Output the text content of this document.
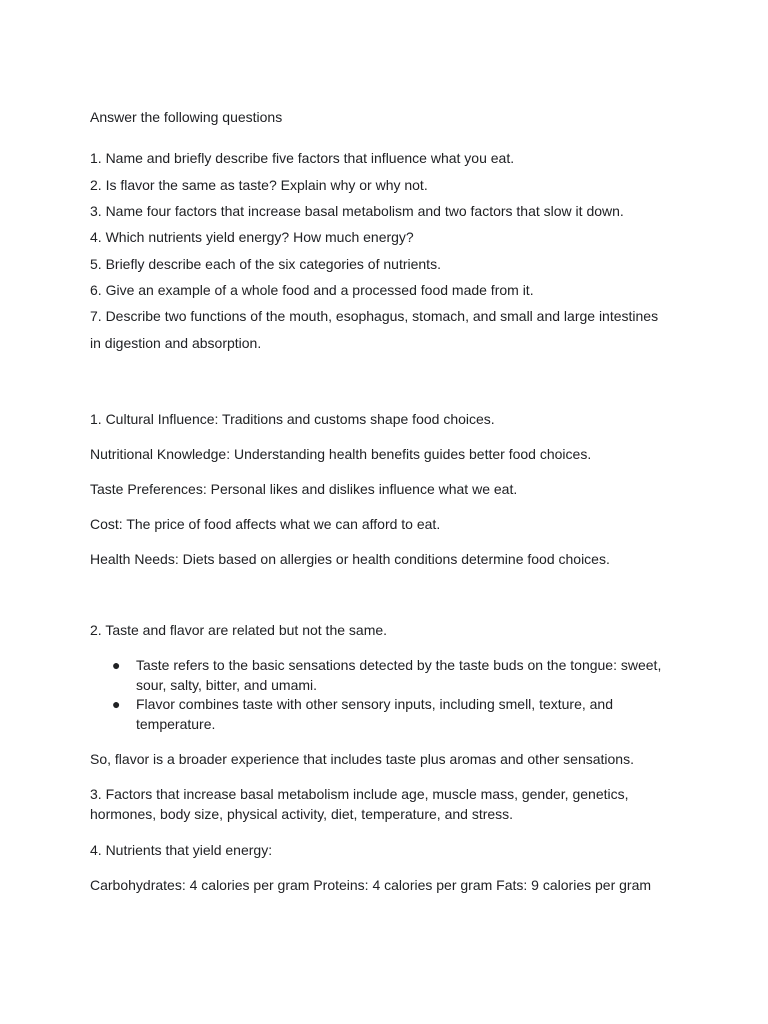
Answer the following questions
1. Name and briefly describe five factors that influence what you eat.
2. Is flavor the same as taste? Explain why or why not.
3. Name four factors that increase basal metabolism and two factors that slow it down.
4. Which nutrients yield energy? How much energy?
5. Briefly describe each of the six categories of nutrients.
6. Give an example of a whole food and a processed food made from it.
7. Describe two functions of the mouth, esophagus, stomach, and small and large intestines
in digestion and absorption.
1. Cultural Influence: Traditions and customs shape food choices.
Nutritional Knowledge: Understanding health benefits guides better food choices.
Taste Preferences: Personal likes and dislikes influence what we eat.
Cost: The price of food affects what we can afford to eat.
Health Needs: Diets based on allergies or health conditions determine food choices.
2. Taste and flavor are related but not the same.
● Taste refers to the basic sensations detected by the taste buds on the tongue: sweet, sour, salty, bitter, and umami.
● Flavor combines taste with other sensory inputs, including smell, texture, and temperature.
So, flavor is a broader experience that includes taste plus aromas and other sensations.
3. Factors that increase basal metabolism include age, muscle mass, gender, genetics, hormones, body size, physical activity, diet, temperature, and stress.
4. Nutrients that yield energy:
Carbohydrates: 4 calories per gram Proteins: 4 calories per gram Fats: 9 calories per gram
